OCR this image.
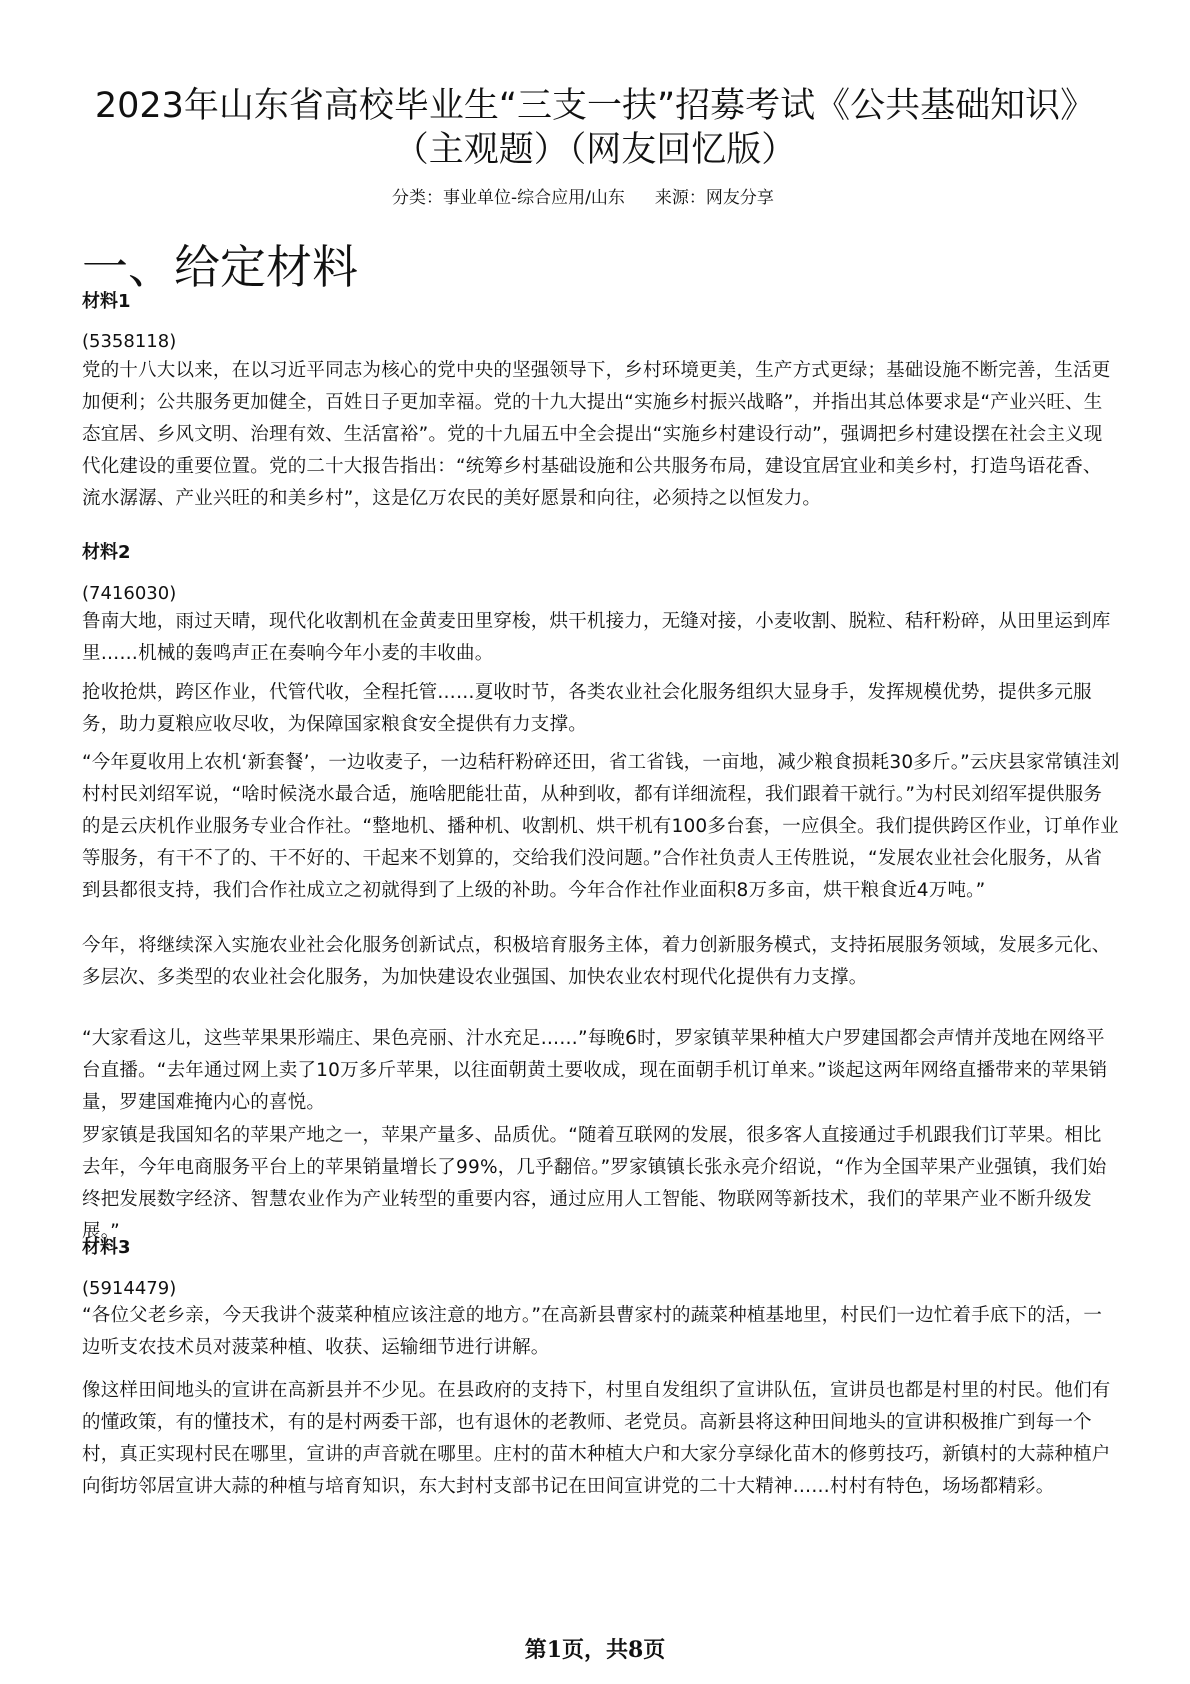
2023年山东省高校毕业生“三支一扶”招募考试《公共基础知识》
（主观题）（网友回忆版）
分类：事业单位-综合应用/山东 来源：网友分享
一、给定材料
材料1
(5358118)

党的十八大以来，在以习近平同志为核心的党中央的坚强领导下，乡村环境更美，生产方式更绿；基础设施不断完善，生活更加便利；公共服务更加健全，百姓日子更加幸福。党的十九大提出“实施乡村振兴战略”，并指出其总体要求是“产业兴旺、生态宜居、乡风文明、治理有效、生活富裕”。党的十九届五中全会提出“实施乡村建设行动”，强调把乡村建设摆在社会主义现代化建设的重要位置。党的二十大报告指出：“统筹乡村基础设施和公共服务布局，建设宜居宜业和美乡村，打造鸟语花香、流水潺潺、产业兴旺的和美乡村”，这是亿万农民的美好愿景和向往，必须持之以恒发力。

材料2
(7416030)

鲁南大地，雨过天晴，现代化收割机在金黄麦田里穿梭，烘干机接力，无缝对接，小麦收割、脱粒、秸秆粉碎，从田里运到库里……机械的轰鸣声正在奏响今年小麦的丰收曲。

抢收抢烘，跨区作业，代管代收，全程托管……夏收时节，各类农业社会化服务组织大显身手，发挥规模优势，提供多元服务，助力夏粮应收尽收，为保障国家粮食安全提供有力支撑。

“今年夏收用上农机‘新套餐’，一边收麦子，一边秸秆粉碎还田，省工省钱，一亩地，减少粮食损耗30多斤。”云庆县家常镇洼刘村村民刘绍军说，“啥时候浇水最合适，施啥肥能壮苗，从种到收，都有详细流程，我们跟着干就行。”为村民刘绍军提供服务的是云庆机作业服务专业合作社。“整地机、播种机、收割机、烘干机有100多台套，一应俱全。我们提供跨区作业，订单作业等服务，有干不了的、干不好的、干起来不划算的，交给我们没问题。”合作社负责人王传胜说，“发展农业社会化服务，从省到县都很支持，我们合作社成立之初就得到了上级的补助。今年合作社作业面积8万多亩，烘干粮食近4万吨。”

今年，将继续深入实施农业社会化服务创新试点，积极培育服务主体，着力创新服务模式，支持拓展服务领域，发展多元化、多层次、多类型的农业社会化服务，为加快建设农业强国、加快农业农村现代化提供有力支撑。

“大家看这儿，这些苹果果形端庄、果色亮丽、汁水充足……”每晚6时，罗家镇苹果种植大户罗建国都会声情并茂地在网络平台直播。“去年通过网上卖了10万多斤苹果，以往面朝黄土要收成，现在面朝手机订单来。”谈起这两年网络直播带来的苹果销量，罗建国难掩内心的喜悦。

罗家镇是我国知名的苹果产地之一，苹果产量多、品质优。“随着互联网的发展，很多客人直接通过手机跟我们订苹果。相比去年，今年电商服务平台上的苹果销量增长了99%，几乎翻倍。”罗家镇镇长张永亮介绍说，“作为全国苹果产业强镇，我们始终把发展数字经济、智慧农业作为产业转型的重要内容，通过应用人工智能、物联网等新技术，我们的苹果产业不断升级发展。”

材料3
(5914479)

“各位父老乡亲，今天我讲个菠菜种植应该注意的地方。”在高新县曹家村的蔬菜种植基地里，村民们一边忙着手底下的活，一边听支农技术员对菠菜种植、收获、运输细节进行讲解。

像这样田间地头的宣讲在高新县并不少见。在县政府的支持下，村里自发组织了宣讲队伍，宣讲员也都是村里的村民。他们有的懂政策，有的懂技术，有的是村两委干部，也有退休的老教师、老党员。高新县将这种田间地头的宣讲积极推广到每一个村，真正实现村民在哪里，宣讲的声音就在哪里。庄村的苗木种植大户和大家分享绿化苗木的修剪技巧，新镇村的大蒜种植户向街坊邻居宣讲大蒜的种植与培育知识，东大封村支部书记在田间宣讲党的二十大精神……村村有特色，场场都精彩。

第1页，共8页
